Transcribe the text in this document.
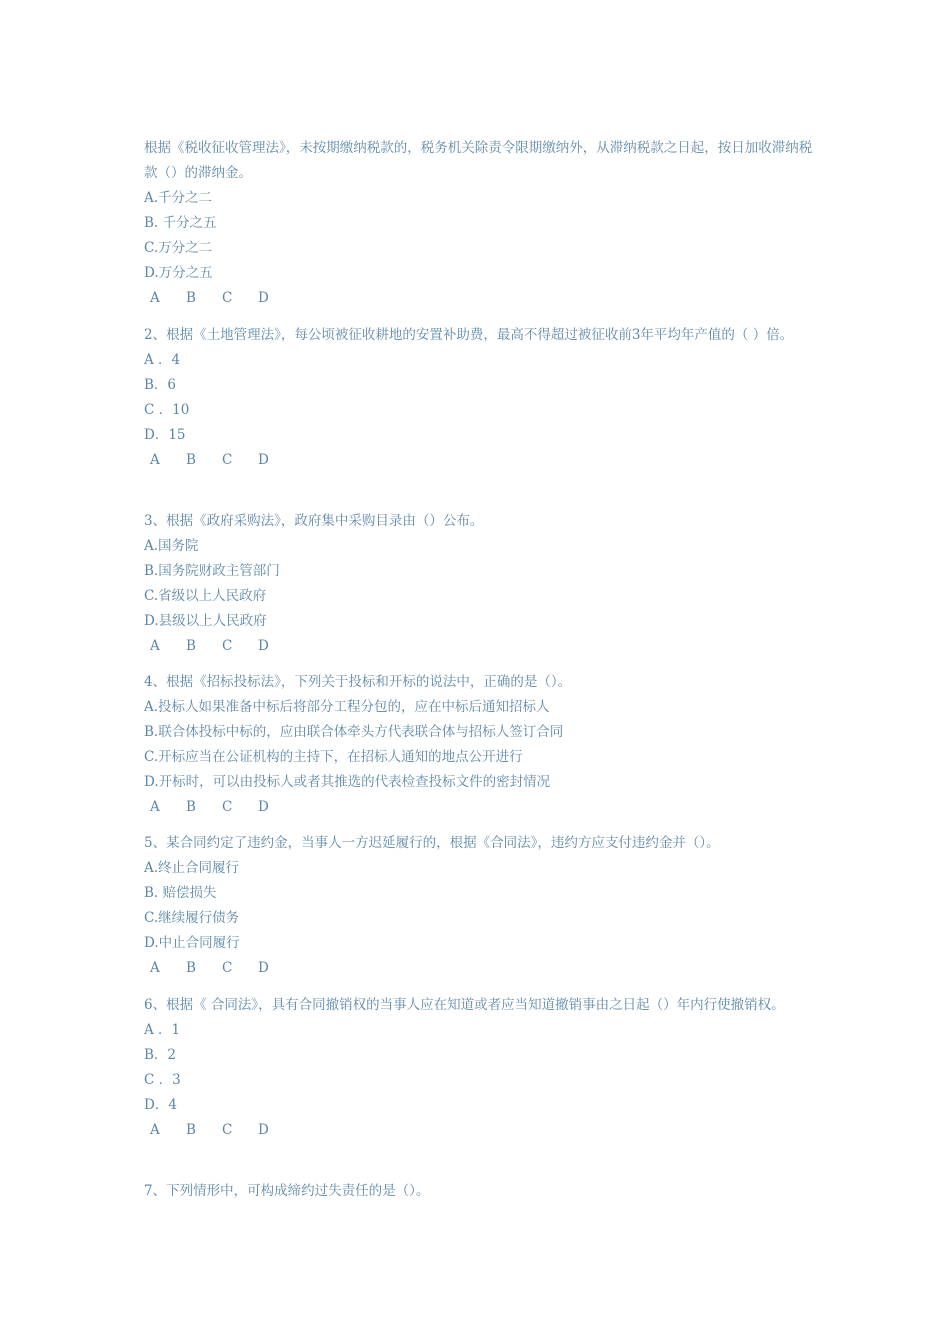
根据《税收征收管理法》，未按期缴纳税款的，税务机关除责令限期缴纳外，从滞纳税款之日起，按日加收滞纳税款（）的滞纳金。
A.千分之二
B. 千分之五
C.万分之二
D.万分之五
A B C D
2、根据《土地管理法》，每公顷被征收耕地的安置补助费，最高不得超过被征收前3年平均年产值的（ ）倍。
A ．4
B．6
C ．10
D．15
A B C D
3、根据《政府采购法》，政府集中采购目录由（）公布。
A.国务院
B.国务院财政主管部门
C.省级以上人民政府
D.县级以上人民政府
A B C D
4、根据《招标投标法》，下列关于投标和开标的说法中，正确的是（）。
A.投标人如果准备中标后将部分工程分包的，应在中标后通知招标人
B.联合体投标中标的，应由联合体牵头方代表联合体与招标人签订合同
C.开标应当在公证机构的主持下，在招标人通知的地点公开进行
D.开标时，可以由投标人或者其推选的代表检查投标文件的密封情况
A B C D
5、某合同约定了违约金，当事人一方迟延履行的，根据《合同法》，违约方应支付违约金并（）。
A.终止合同履行
B. 赔偿损失
C.继续履行债务
D.中止合同履行
A B C D
6、根据《 合同法》，具有合同撤销权的当事人应在知道或者应当知道撤销事由之日起（）年内行使撤销权。
A ．1
B．2
C ．3
D．4
A B C D
7、下列情形中，可构成缔约过失责任的是（）。
